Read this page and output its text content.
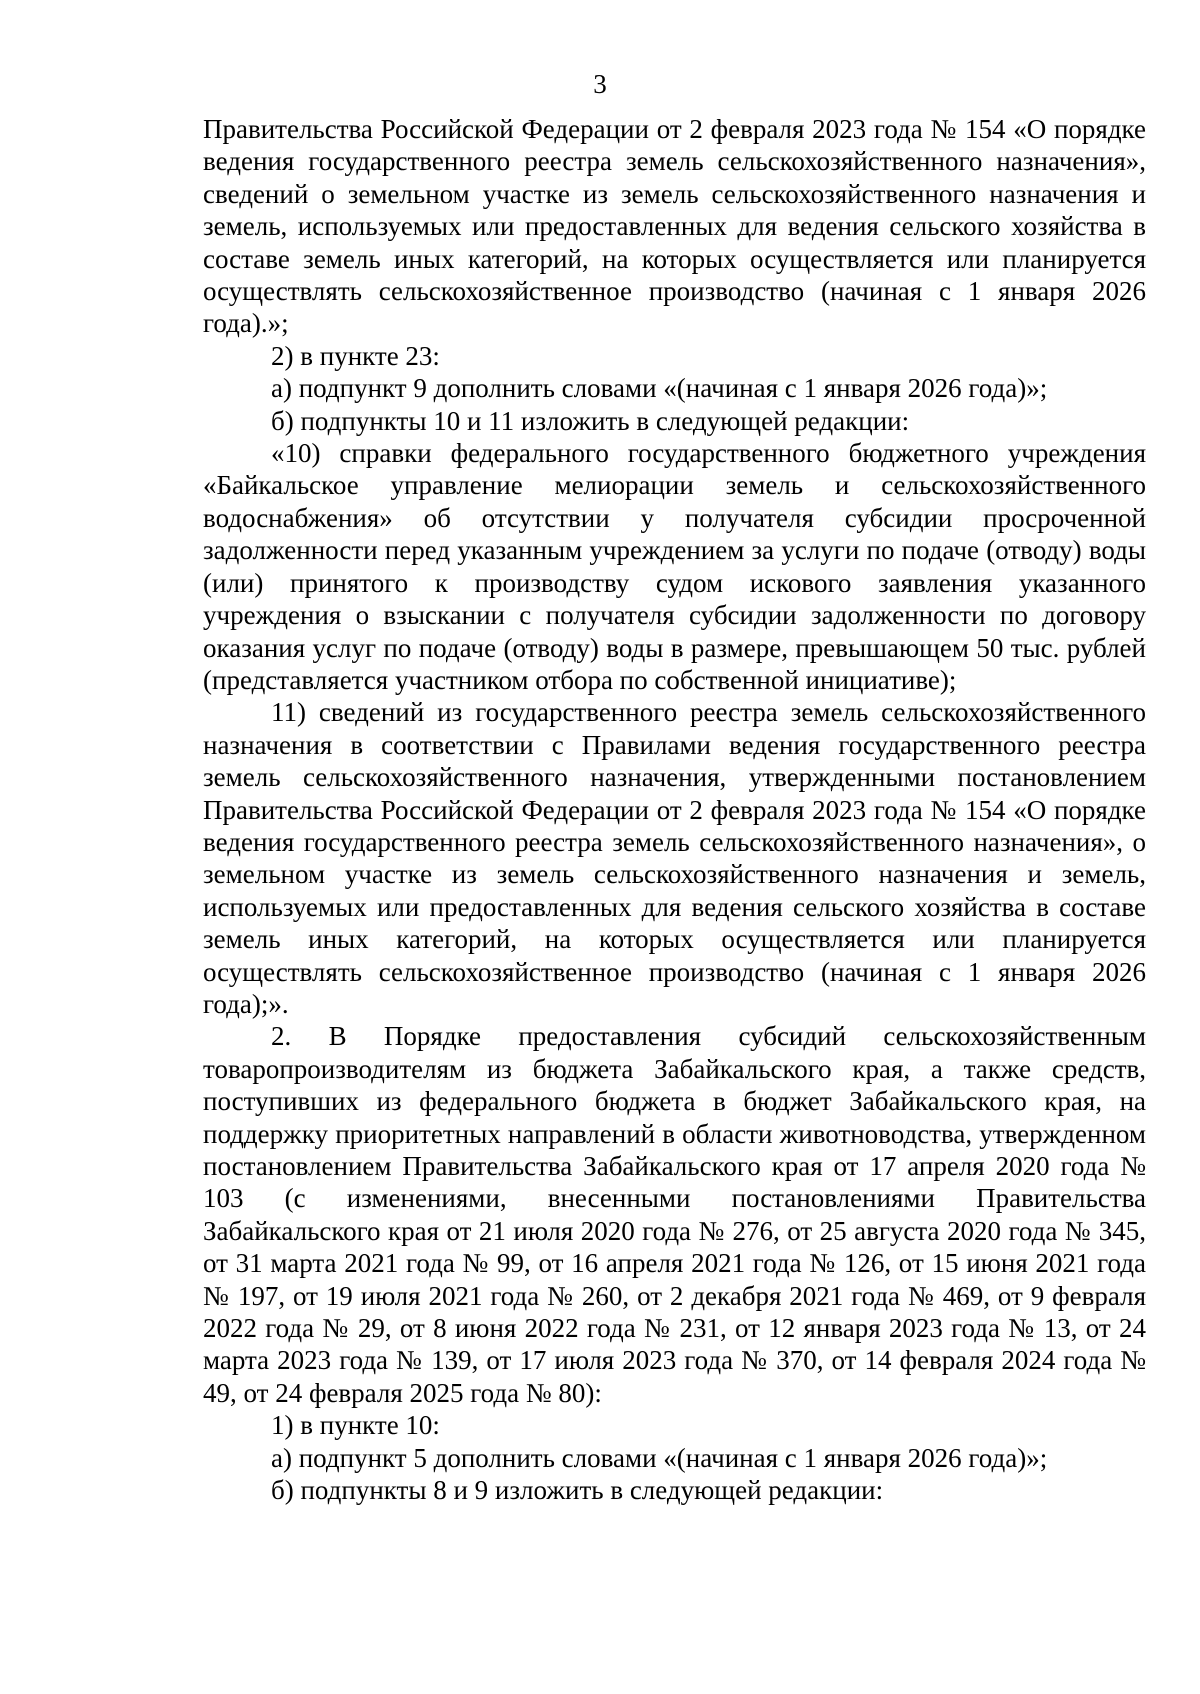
3

Правительства Российской Федерации от 2 февраля 2023 года № 154 «О порядке ведения государственного реестра земель сельскохозяйственного назначения», сведений о земельном участке из земель сельскохозяйственного назначения и земель, используемых или предоставленных для ведения сельского хозяйства в составе земель иных категорий, на которых осуществляется или планируется осуществлять сельскохозяйственное производство (начиная с 1 января 2026 года).»;

2) в пункте 23:

а) подпункт 9 дополнить словами «(начиная с 1 января 2026 года)»;

б) подпункты 10 и 11 изложить в следующей редакции:

«10) справки федерального государственного бюджетного учреждения «Байкальское управление мелиорации земель и сельскохозяйственного водоснабжения» об отсутствии у получателя субсидии просроченной задолженности перед указанным учреждением за услуги по подаче (отводу) воды (или) принятого к производству судом искового заявления указанного учреждения о взыскании с получателя субсидии задолженности по договору оказания услуг по подаче (отводу) воды в размере, превышающем 50 тыс. рублей (представляется участником отбора по собственной инициативе);

11) сведений из государственного реестра земель сельскохозяйственного назначения в соответствии с Правилами ведения государственного реестра земель сельскохозяйственного назначения, утвержденными постановлением Правительства Российской Федерации от 2 февраля 2023 года № 154 «О порядке ведения государственного реестра земель сельскохозяйственного назначения», о земельном участке из земель сельскохозяйственного назначения и земель, используемых или предоставленных для ведения сельского хозяйства в составе земель иных категорий, на которых осуществляется или планируется осуществлять сельскохозяйственное производство (начиная с 1 января 2026 года);».

2. В Порядке предоставления субсидий сельскохозяйственным товаропроизводителям из бюджета Забайкальского края, а также средств, поступивших из федерального бюджета в бюджет Забайкальского края, на поддержку приоритетных направлений в области животноводства, утвержденном постановлением Правительства Забайкальского края от 17 апреля 2020 года № 103 (с изменениями, внесенными постановлениями Правительства Забайкальского края от 21 июля 2020 года № 276, от 25 августа 2020 года № 345, от 31 марта 2021 года № 99, от 16 апреля 2021 года № 126, от 15 июня 2021 года № 197, от 19 июля 2021 года № 260, от 2 декабря 2021 года № 469, от 9 февраля 2022 года № 29, от 8 июня 2022 года № 231, от 12 января 2023 года № 13, от 24 марта 2023 года № 139, от 17 июля 2023 года № 370, от 14 февраля 2024 года № 49, от 24 февраля 2025 года № 80):

1) в пункте 10:

а) подпункт 5 дополнить словами «(начиная с 1 января 2026 года)»;

б) подпункты 8 и 9 изложить в следующей редакции:
